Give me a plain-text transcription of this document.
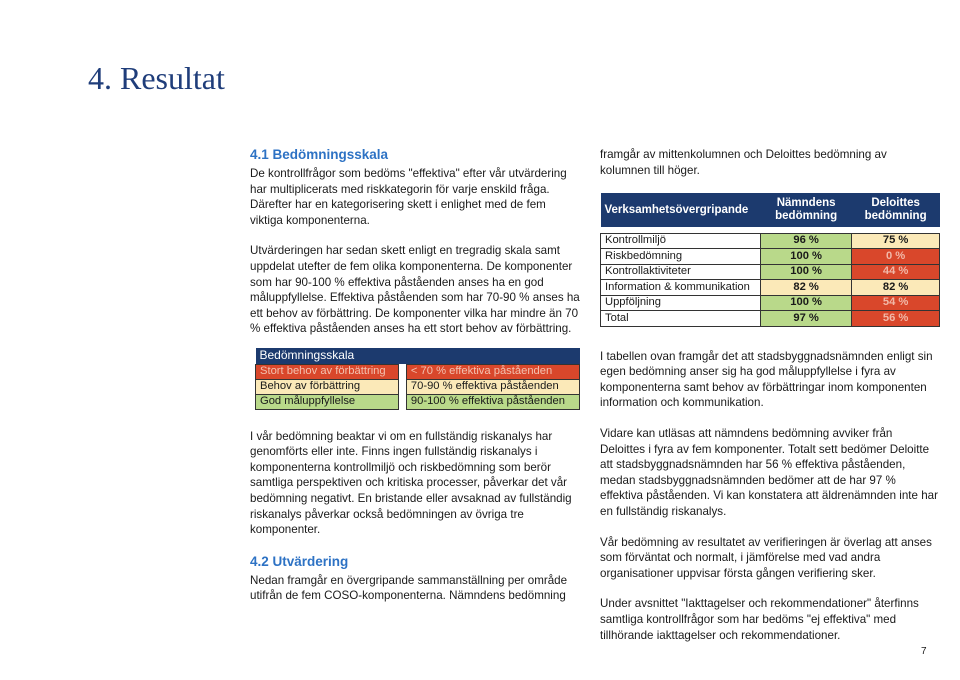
4. Resultat
4.1 Bedömningsskala

De kontrollfrågor som bedöms "effektiva" efter vår utvärdering har multiplicerats med riskkategorin för varje enskild fråga. Därefter har en kategorisering skett i enlighet med de fem viktiga komponenterna.

Utvärderingen har sedan skett enligt en tregradig skala samt uppdelat utefter de fem olika komponenterna. De komponenter som har 90-100 % effektiva påståenden anses ha en god måluppfyllelse. Effektiva påståenden som har 70-90 % anses ha ett behov av förbättring. De komponenter vilka har mindre än 70 % effektiva påståenden anses ha ett stort behov av förbättring.

Bedömningsskala		
Stort behov av förbättring		< 70 % effektiva påståenden
Behov av förbättring		70-90 % effektiva påståenden
God måluppfyllelse		90-100 % effektiva påståenden

I vår bedömning beaktar vi om en fullständig riskanalys har genomförts eller inte. Finns ingen fullständig riskanalys i komponenterna kontrollmiljö och riskbedömning som berör samtliga perspektiven och kritiska processer, påverkar det vår bedömning negativt. En bristande eller avsaknad av fullständig riskanalys påverkar också bedömningen av övriga tre komponenter.

4.2 Utvärdering

Nedan framgår en övergripande sammanställning per område utifrån de fem COSO-komponenterna. Nämndens bedömning

framgår av mittenkolumnen och Deloittes bedömning av kolumnen till höger.

Verksamhetsövergripande	Nämndens bedömning	Deloittes bedömning

Kontrollmiljö	96 %	75 %
Riskbedömning	100 %	0 %
Kontrollaktiviteter	100 %	44 %
Information & kommunikation	82 %	82 %
Uppföljning	100 %	54 %
Total	97 %	56 %

I tabellen ovan framgår det att stadsbyggnadsnämnden enligt sin egen bedömning anser sig ha god måluppfyllelse i fyra av komponenterna samt behov av förbättringar inom komponenten information och kommunikation.

Vidare kan utläsas att nämndens bedömning avviker från Deloittes i fyra av fem komponenter. Totalt sett bedömer Deloitte att stadsbyggnadsnämnden har 56 % effektiva påståenden, medan stadsbyggnadsnämnden bedömer att de har 97 % effektiva påståenden. Vi kan konstatera att äldrenämnden inte har en fullständig riskanalys.

Vår bedömning av resultatet av verifieringen är överlag att anses som förväntat och normalt, i jämförelse med vad andra organisationer uppvisar första gången verifiering sker.

Under avsnittet "Iakttagelser och rekommendationer" återfinns samtliga kontrollfrågor som har bedöms "ej effektiva" med tillhörande iakttagelser och rekommendationer.

7
